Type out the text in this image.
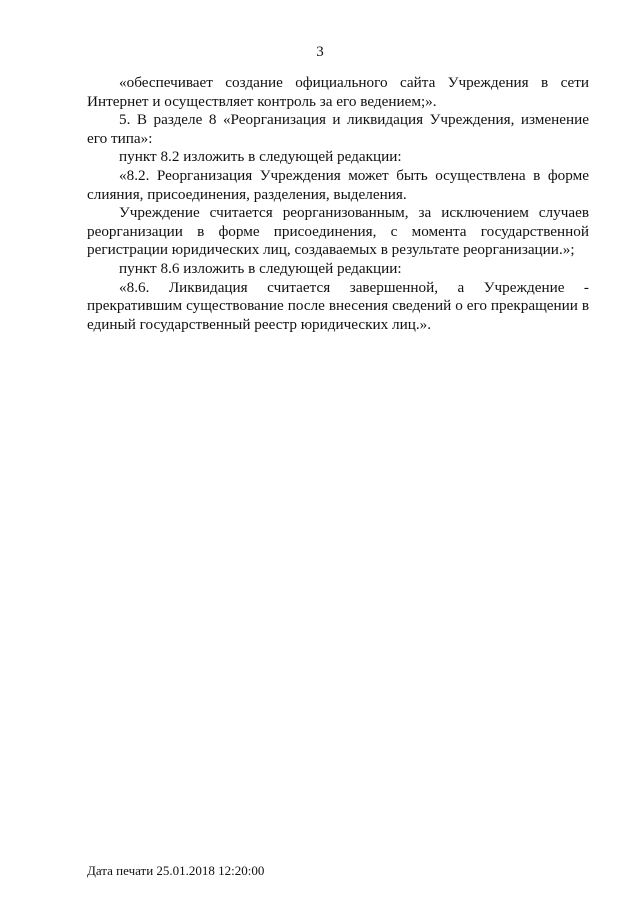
3

«обеспечивает создание официального сайта Учреждения в сети Интернет и осуществляет контроль за его ведением;».

5. В разделе 8 «Реорганизация и ликвидация Учреждения, изменение его типа»:

пункт 8.2 изложить в следующей редакции:

«8.2. Реорганизация Учреждения может быть осуществлена в форме слияния, присоединения, разделения, выделения.

Учреждение считается реорганизованным, за исключением случаев реорганизации в форме присоединения, с момента государственной регистрации юридических лиц, создаваемых в результате реорганизации.»;

пункт 8.6 изложить в следующей редакции:

«8.6. Ликвидация считается завершенной, а Учреждение - прекратившим существование после внесения сведений о его прекращении в единый государственный реестр юридических лиц.».

Дата печати 25.01.2018 12:20:00
